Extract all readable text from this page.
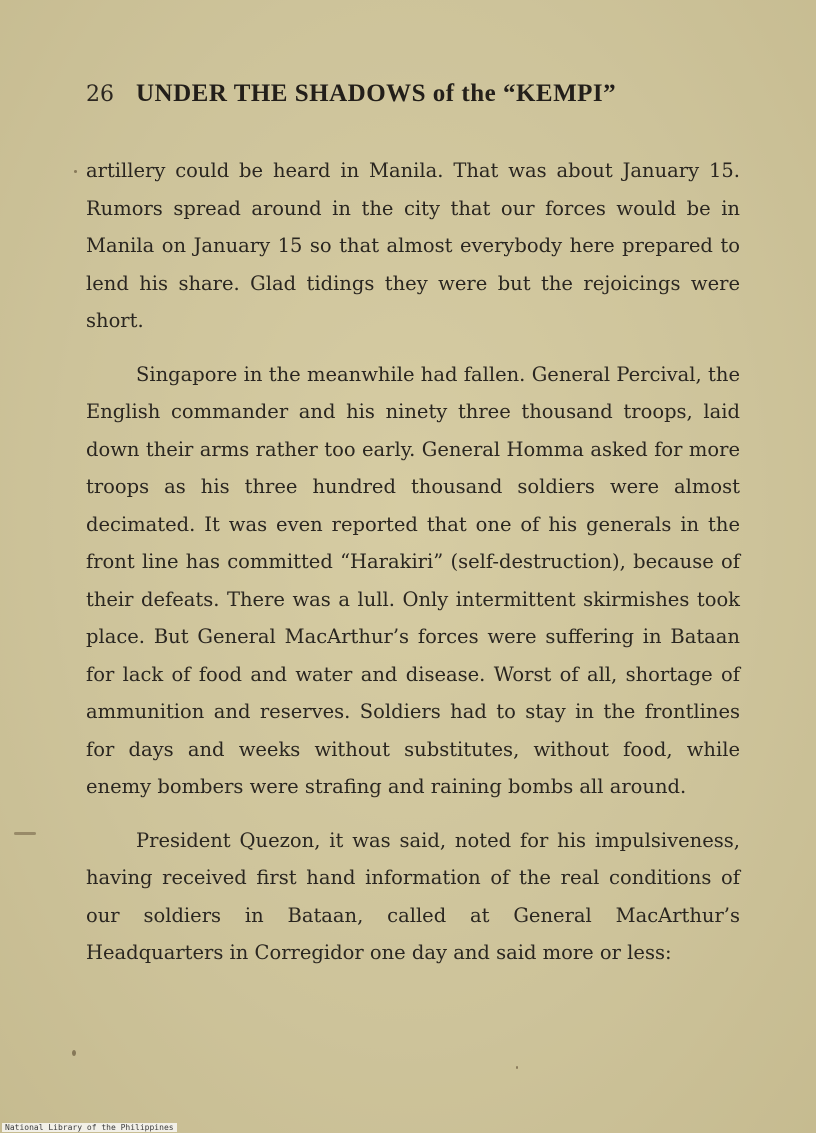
26 UNDER THE SHADOWS of the “KEMPI”

artillery could be heard in Manila. That was about January 15. Rumors spread around in the city that our forces would be in Manila on January 15 so that almost everybody here prepared to lend his share. Glad tidings they were but the rejoicings were short.

Singapore in the meanwhile had fallen. General Percival, the English commander and his ninety three thousand troops, laid down their arms rather too early. General Homma asked for more troops as his three hundred thousand soldiers were almost decimated. It was even reported that one of his generals in the front line has committed “Harakiri” (self-destruction), because of their defeats. There was a lull. Only intermittent skirmishes took place. But General MacArthur’s forces were suffering in Bataan for lack of food and water and disease. Worst of all, shortage of ammunition and reserves. Soldiers had to stay in the frontlines for days and weeks without substitutes, without food, while enemy bombers were strafing and raining bombs all around.

President Quezon, it was said, noted for his impulsiveness, having received first hand information of the real conditions of our soldiers in Bataan, called at General MacArthur’s Headquarters in Corregidor one day and said more or less:

National Library of the Philippines
